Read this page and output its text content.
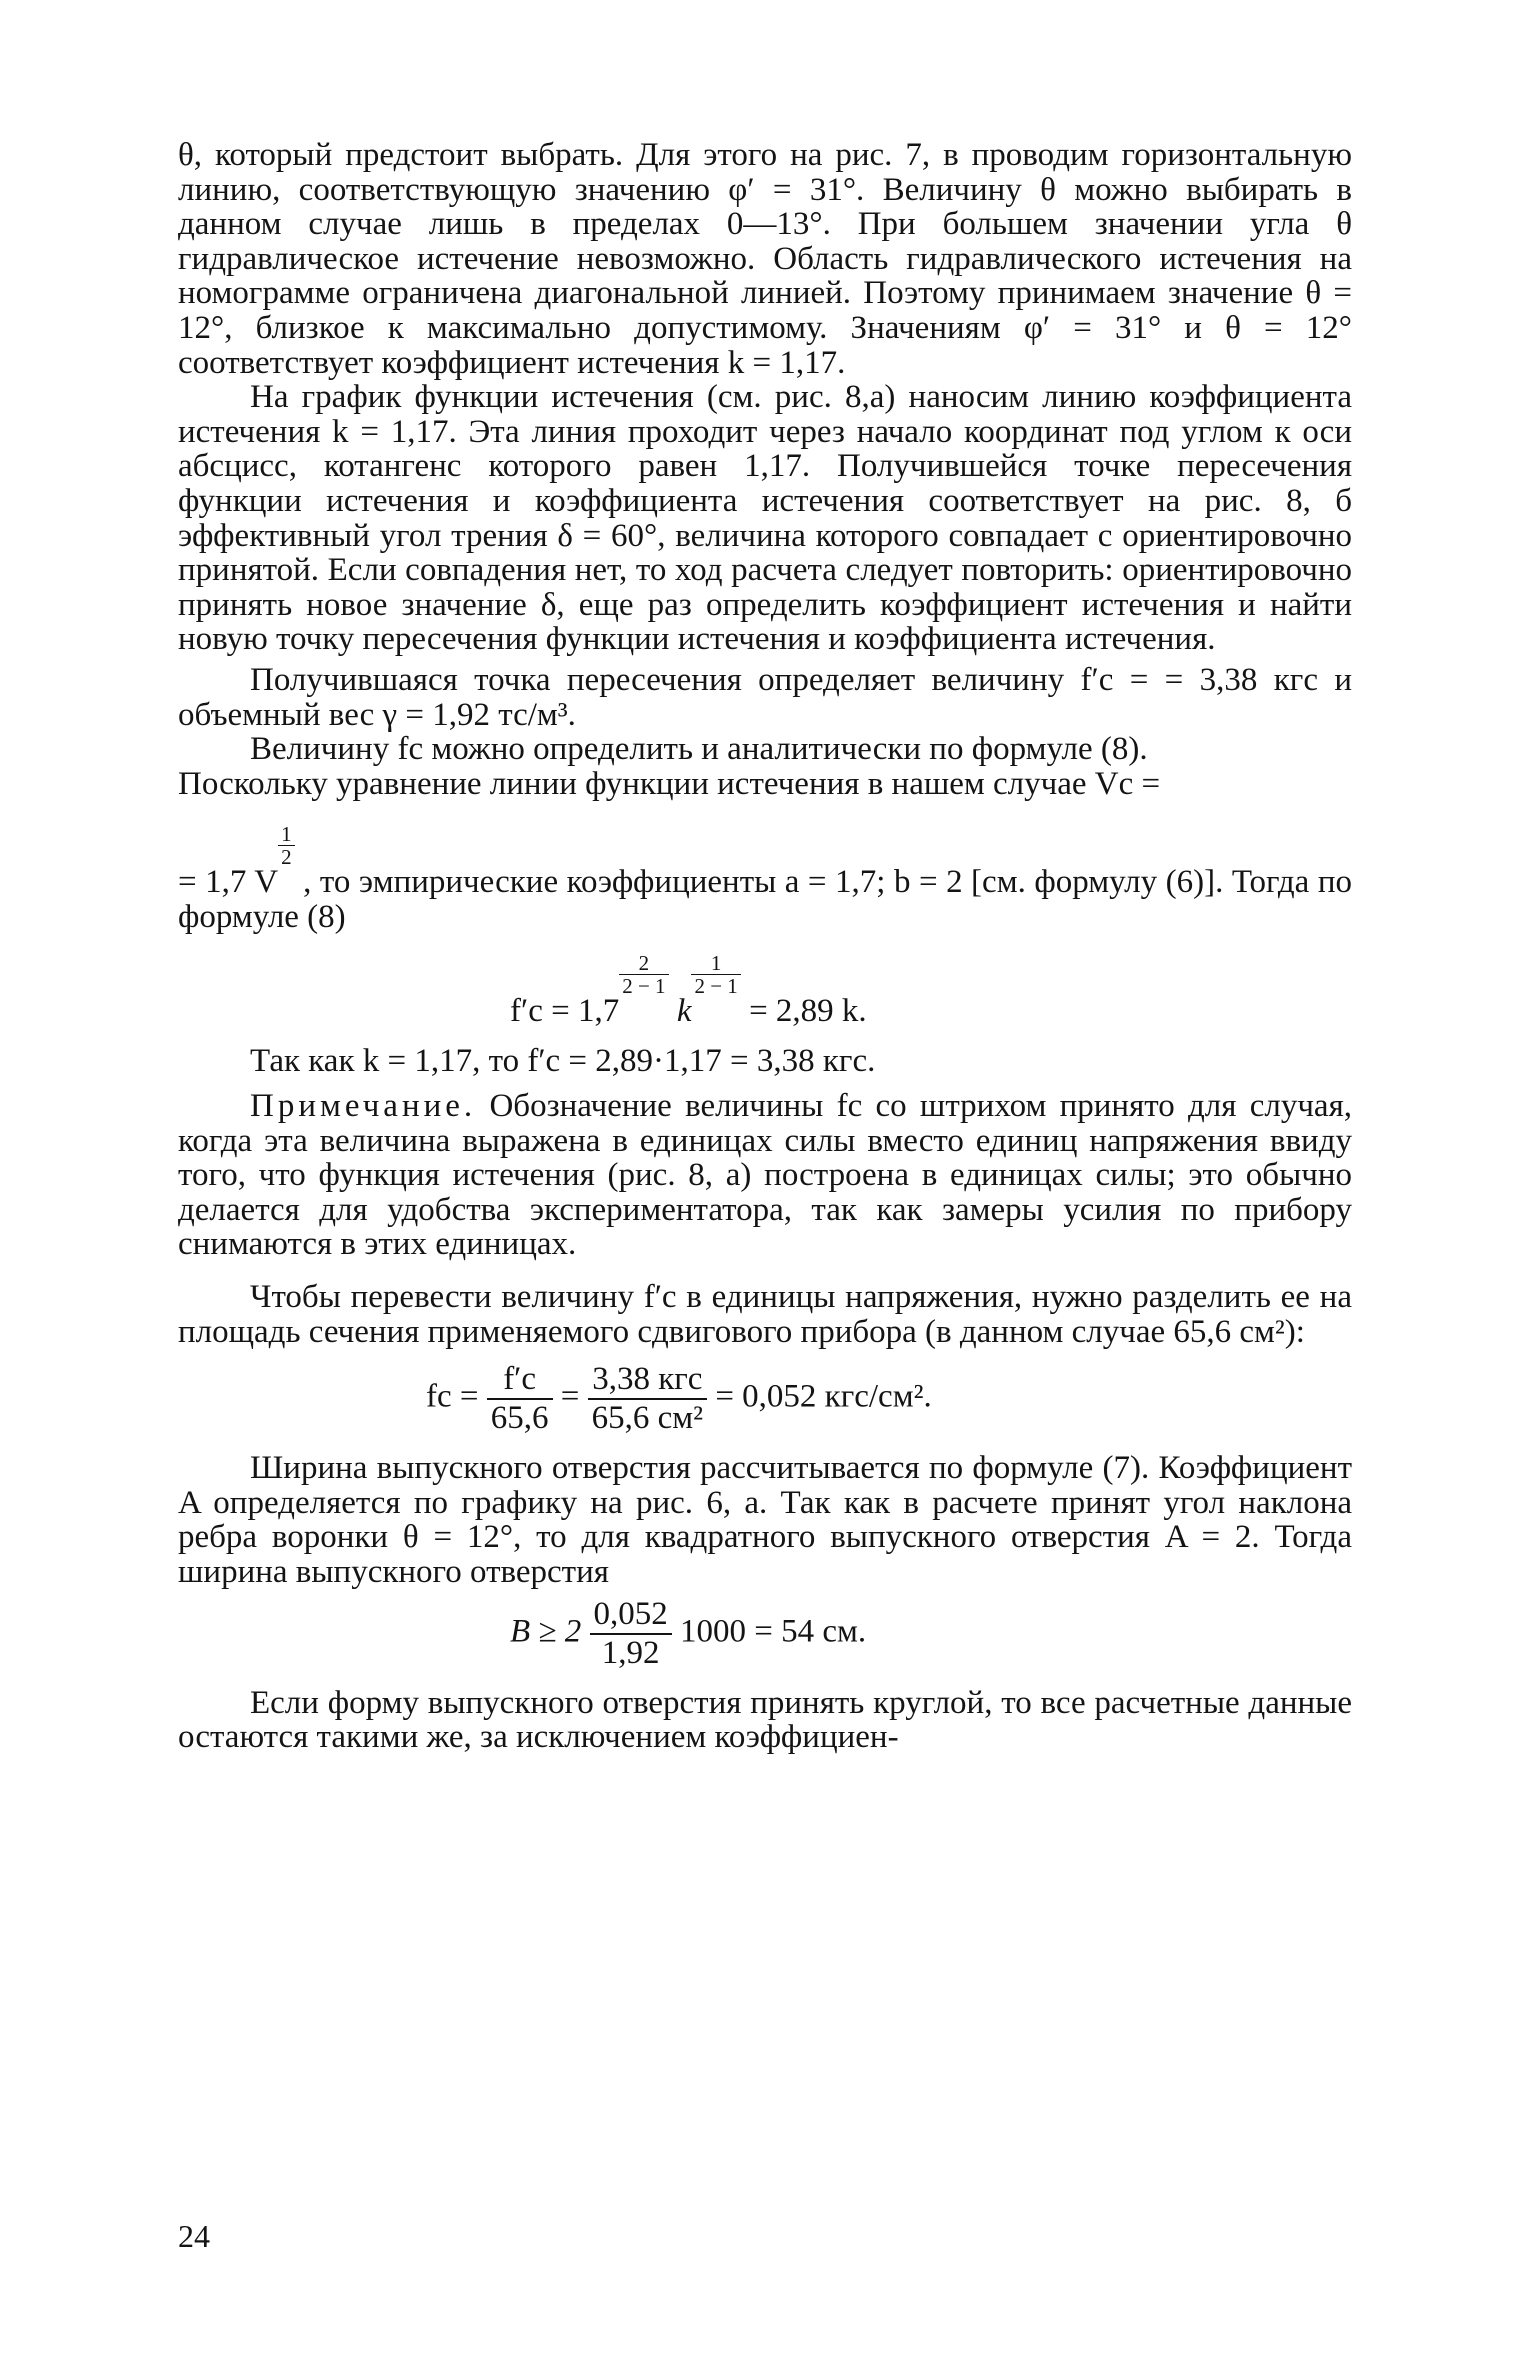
θ, который предстоит выбрать. Для этого на рис. 7, в проводим горизонтальную линию, соответствующую значению φ′ = 31°. Величину θ можно выбирать в данном случае лишь в пределах 0—13°. При большем значении угла θ гидравлическое истечение невозможно. Область гидравлического истечения на номограмме ограничена диагональной линией. Поэтому принимаем значение θ = 12°, близкое к максимально допустимому. Значениям φ′ = 31° и θ = 12° соответствует коэффициент истечения k = 1,17.

На график функции истечения (см. рис. 8,а) наносим линию коэффициента истечения k = 1,17. Эта линия проходит через начало координат под углом к оси абсцисс, котангенс которого равен 1,17. Получившейся точке пересечения функции истечения и коэффициента истечения соответствует на рис. 8, б эффективный угол трения δ = 60°, величина которого совпадает с ориентировочно принятой. Если совпадения нет, то ход расчета следует повторить: ориентировочно принять новое значение δ, еще раз определить коэффициент истечения и найти новую точку пересечения функции истечения и коэффициента истечения.

Получившаяся точка пересечения определяет величину f′c = = 3,38 кгс и объемный вес γ = 1,92 тс/м³.

Величину fc можно определить и аналитически по формуле (8).

Поскольку уравнение линии функции истечения в нашем случае Vc =

= 1,7 V
$\frac{1}{2}$
, то эмпирические коэффициенты a = 1,7; b = 2 [см. формулу (6)]. Тогда по формуле (8)

f′c = 1,7
$\frac{2}{2 - 1}$
k
$\frac{1}{2 - 1}$
= 2,89 k.

Так как k = 1,17, то f′c = 2,89·1,17 = 3,38 кгс.

Примечание. Обозначение величины fc со штрихом принято для случая, когда эта величина выражена в единицах силы вместо единиц напряжения ввиду того, что функция истечения (рис. 8, а) построена в единицах силы; это обычно делается для удобства экспериментатора, так как замеры усилия по прибору снимаются в этих единицах.

Чтобы перевести величину f′c в единицы напряжения, нужно разделить ее на площадь сечения применяемого сдвигового прибора (в данном случае 65,6 см²):

fc = $\frac{f'c}{65,6} = \frac{\text{3,38 кгс}}{\text{65,6 см²}} = 0,052$ кгс/см².

Ширина выпускного отверстия рассчитывается по формуле (7). Коэффициент A определяется по графику на рис. 6, а. Так как в расчете принят угол наклона ребра воронки θ = 12°, то для квадратного выпускного отверстия A = 2. Тогда ширина выпускного отверстия

$B \ge 2 \frac{0,052}{1,92} 1000 = 54$ см.

Если форму выпускного отверстия принять круглой, то все расчетные данные остаются такими же, за исключением коэффициен-

24
